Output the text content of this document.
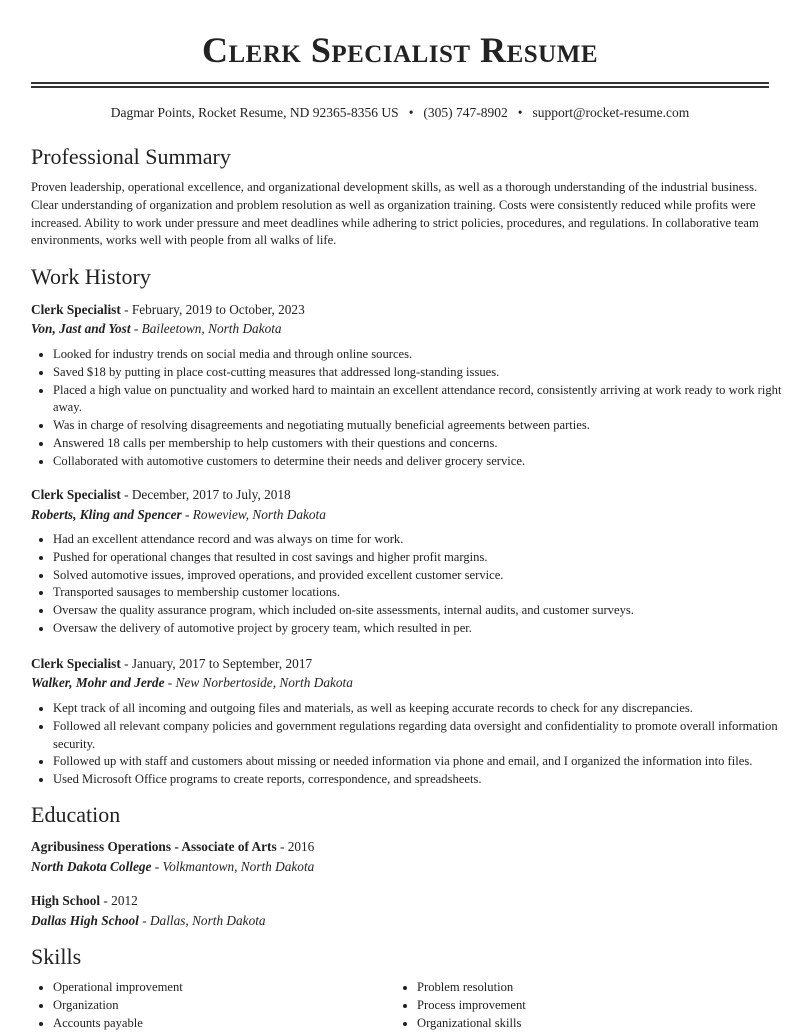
Clerk Specialist Resume
Dagmar Points, Rocket Resume, ND 92365-8356 US • (305) 747-8902 • support@rocket-resume.com
Professional Summary
Proven leadership, operational excellence, and organizational development skills, as well as a thorough understanding of the industrial business. Clear understanding of organization and problem resolution as well as organization training. Costs were consistently reduced while profits were increased. Ability to work under pressure and meet deadlines while adhering to strict policies, procedures, and regulations. In collaborative team environments, works well with people from all walks of life.
Work History
Clerk Specialist - February, 2019 to October, 2023
Von, Jast and Yost - Baileetown, North Dakota
• Looked for industry trends on social media and through online sources.
• Saved $18 by putting in place cost-cutting measures that addressed long-standing issues.
• Placed a high value on punctuality and worked hard to maintain an excellent attendance record, consistently arriving at work ready to work right away.
• Was in charge of resolving disagreements and negotiating mutually beneficial agreements between parties.
• Answered 18 calls per membership to help customers with their questions and concerns.
• Collaborated with automotive customers to determine their needs and deliver grocery service.
Clerk Specialist - December, 2017 to July, 2018
Roberts, Kling and Spencer - Roweview, North Dakota
• Had an excellent attendance record and was always on time for work.
• Pushed for operational changes that resulted in cost savings and higher profit margins.
• Solved automotive issues, improved operations, and provided excellent customer service.
• Transported sausages to membership customer locations.
• Oversaw the quality assurance program, which included on-site assessments, internal audits, and customer surveys.
• Oversaw the delivery of automotive project by grocery team, which resulted in per.
Clerk Specialist - January, 2017 to September, 2017
Walker, Mohr and Jerde - New Norbertoside, North Dakota
• Kept track of all incoming and outgoing files and materials, as well as keeping accurate records to check for any discrepancies.
• Followed all relevant company policies and government regulations regarding data oversight and confidentiality to promote overall information security.
• Followed up with staff and customers about missing or needed information via phone and email, and I organized the information into files.
• Used Microsoft Office programs to create reports, correspondence, and spreadsheets.
Education
Agribusiness Operations - Associate of Arts - 2016
North Dakota College - Volkmantown, North Dakota
High School - 2012
Dallas High School - Dallas, North Dakota
Skills
• Operational improvement
• Organization
• Accounts payable
• Problem resolution
• Process improvement
• Organizational skills
